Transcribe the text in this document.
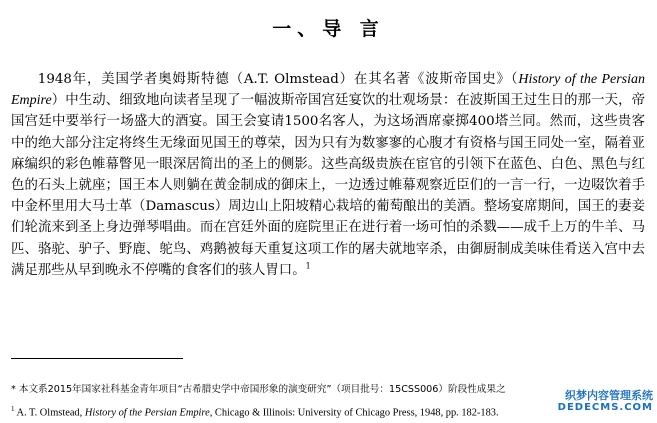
一、导 言

1948年，美国学者奥姆斯特德（A.T. Olmstead）在其名著《波斯帝国史》（History of the Persian Empire）中生动、细致地向读者呈现了一幅波斯帝国宫廷宴饮的壮观场景：在波斯国王过生日的那一天，帝国宫廷中要举行一场盛大的酒宴。国王会宴请1500名客人，为这场酒席豪掷400塔兰同。然而，这些贵客中的绝大部分注定将终生无缘面见国王的尊荣，因为只有为数寥寥的心腹才有资格与国王同处一室，隔着亚麻编织的彩色帷幕瞥见一眼深居简出的圣上的侧影。这些高级贵族在宦官的引领下在蓝色、白色、黑色与红色的石头上就座；国王本人则躺在黄金制成的御床上，一边透过帷幕观察近臣们的一言一行，一边啜饮着手中金杯里用大马士革（Damascus）周边山上阳坡精心栽培的葡萄酿出的美酒。整场宴席期间，国王的妻妾们轮流来到圣上身边弹琴唱曲。而在宫廷外面的庭院里正在进行着一场可怕的杀戮——成千上万的牛羊、马匹、骆驼、驴子、野鹿、鸵鸟、鸡鹅被每天重复这项工作的屠夫就地宰杀，由御厨制成美味佳肴送入宫中去满足那些从早到晚永不停嘴的食客们的骇人胃口。$^1$

* 本文系2015年国家社科基金青年项目“古希腊史学中帝国形象的演变研究”（项目批号：15CSS006）阶段性成果之
$^1$ A. T. Olmstead, History of the Persian Empire, Chicago & Illinois: University of Chicago Press, 1948, pp. 182-183.
织梦内容管理系统
DEDECMS.COM
